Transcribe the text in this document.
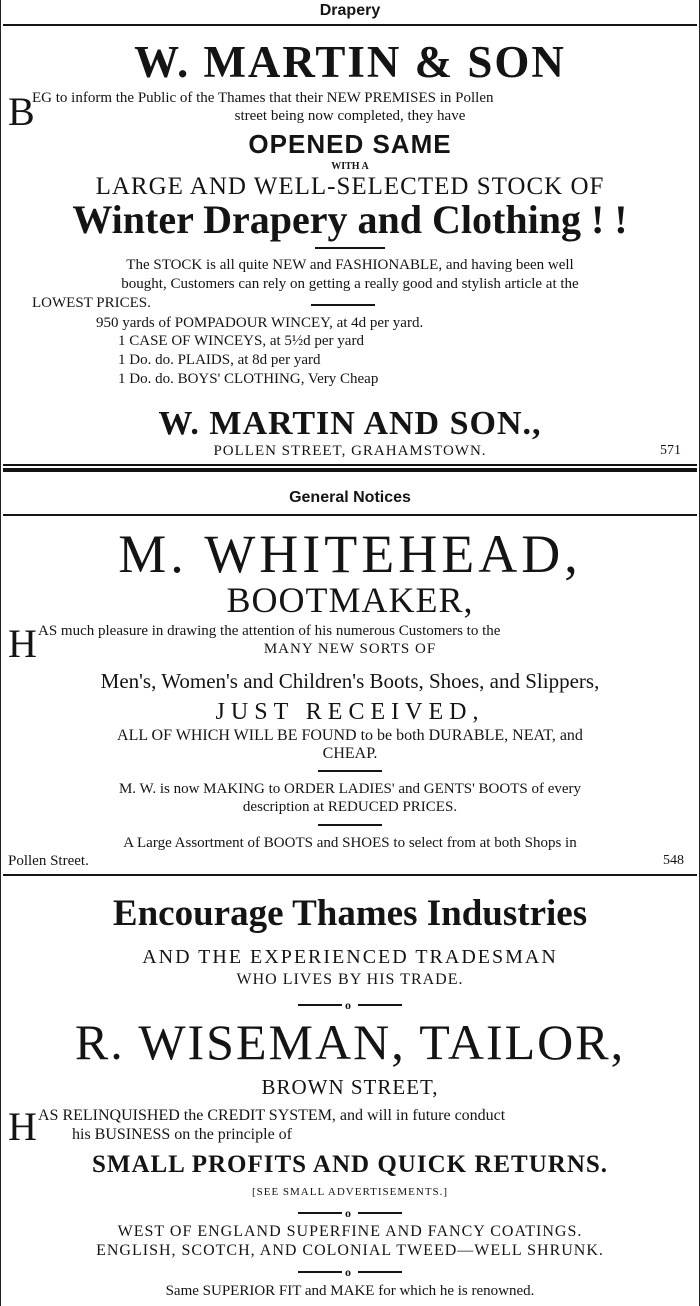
Drapery
W. MARTIN & SON
B
EG to inform the Public of the Thames that their NEW PREMISES in Pollen
street being now completed, they have
OPENED SAME
WITH A
LARGE AND WELL-SELECTED STOCK OF
Winter Drapery and Clothing ! !
The STOCK is all quite NEW and FASHIONABLE, and having been well
bought, Customers can rely on getting a really good and stylish article at the
LOWEST PRICES.
950 yards of POMPADOUR WINCEY, at 4d per yard.
1 CASE OF WINCEYS, at 5½d per yard
1 Do. do. PLAIDS, at 8d per yard
1 Do. do. BOYS' CLOTHING, Very Cheap
W. MARTIN AND SON.,
POLLEN STREET, GRAHAMSTOWN.	571
General Notices
M. WHITEHEAD,
BOOTMAKER,
H AS much pleasure in drawing the attention of his numerous Customers to the
MANY NEW SORTS OF
Men's, Women's and Children's Boots, Shoes, and Slippers,
JUST RECEIVED,
ALL OF WHICH WILL BE FOUND to be both DURABLE, NEAT, and
CHEAP.
M. W. is now MAKING to ORDER LADIES' and GENTS' BOOTS of every
description at REDUCED PRICES.
A Large Assortment of BOOTS and SHOES to select from at both Shops in
Pollen Street.	548
Encourage Thames Industries
AND THE EXPERIENCED TRADESMAN
WHO LIVES BY HIS TRADE.
o
R. WISEMAN, TAILOR,
BROWN STREET,
H AS RELINQUISHED the CREDIT SYSTEM, and will in future conduct
his BUSINESS on the principle of
SMALL PROFITS AND QUICK RETURNS.
[SEE SMALL ADVERTISEMENTS.]
o
WEST OF ENGLAND SUPERFINE AND FANCY COATINGS.
ENGLISH, SCOTCH, AND COLONIAL TWEED—WELL SHRUNK.
o
Same SUPERIOR FIT and MAKE for which he is renowned.
